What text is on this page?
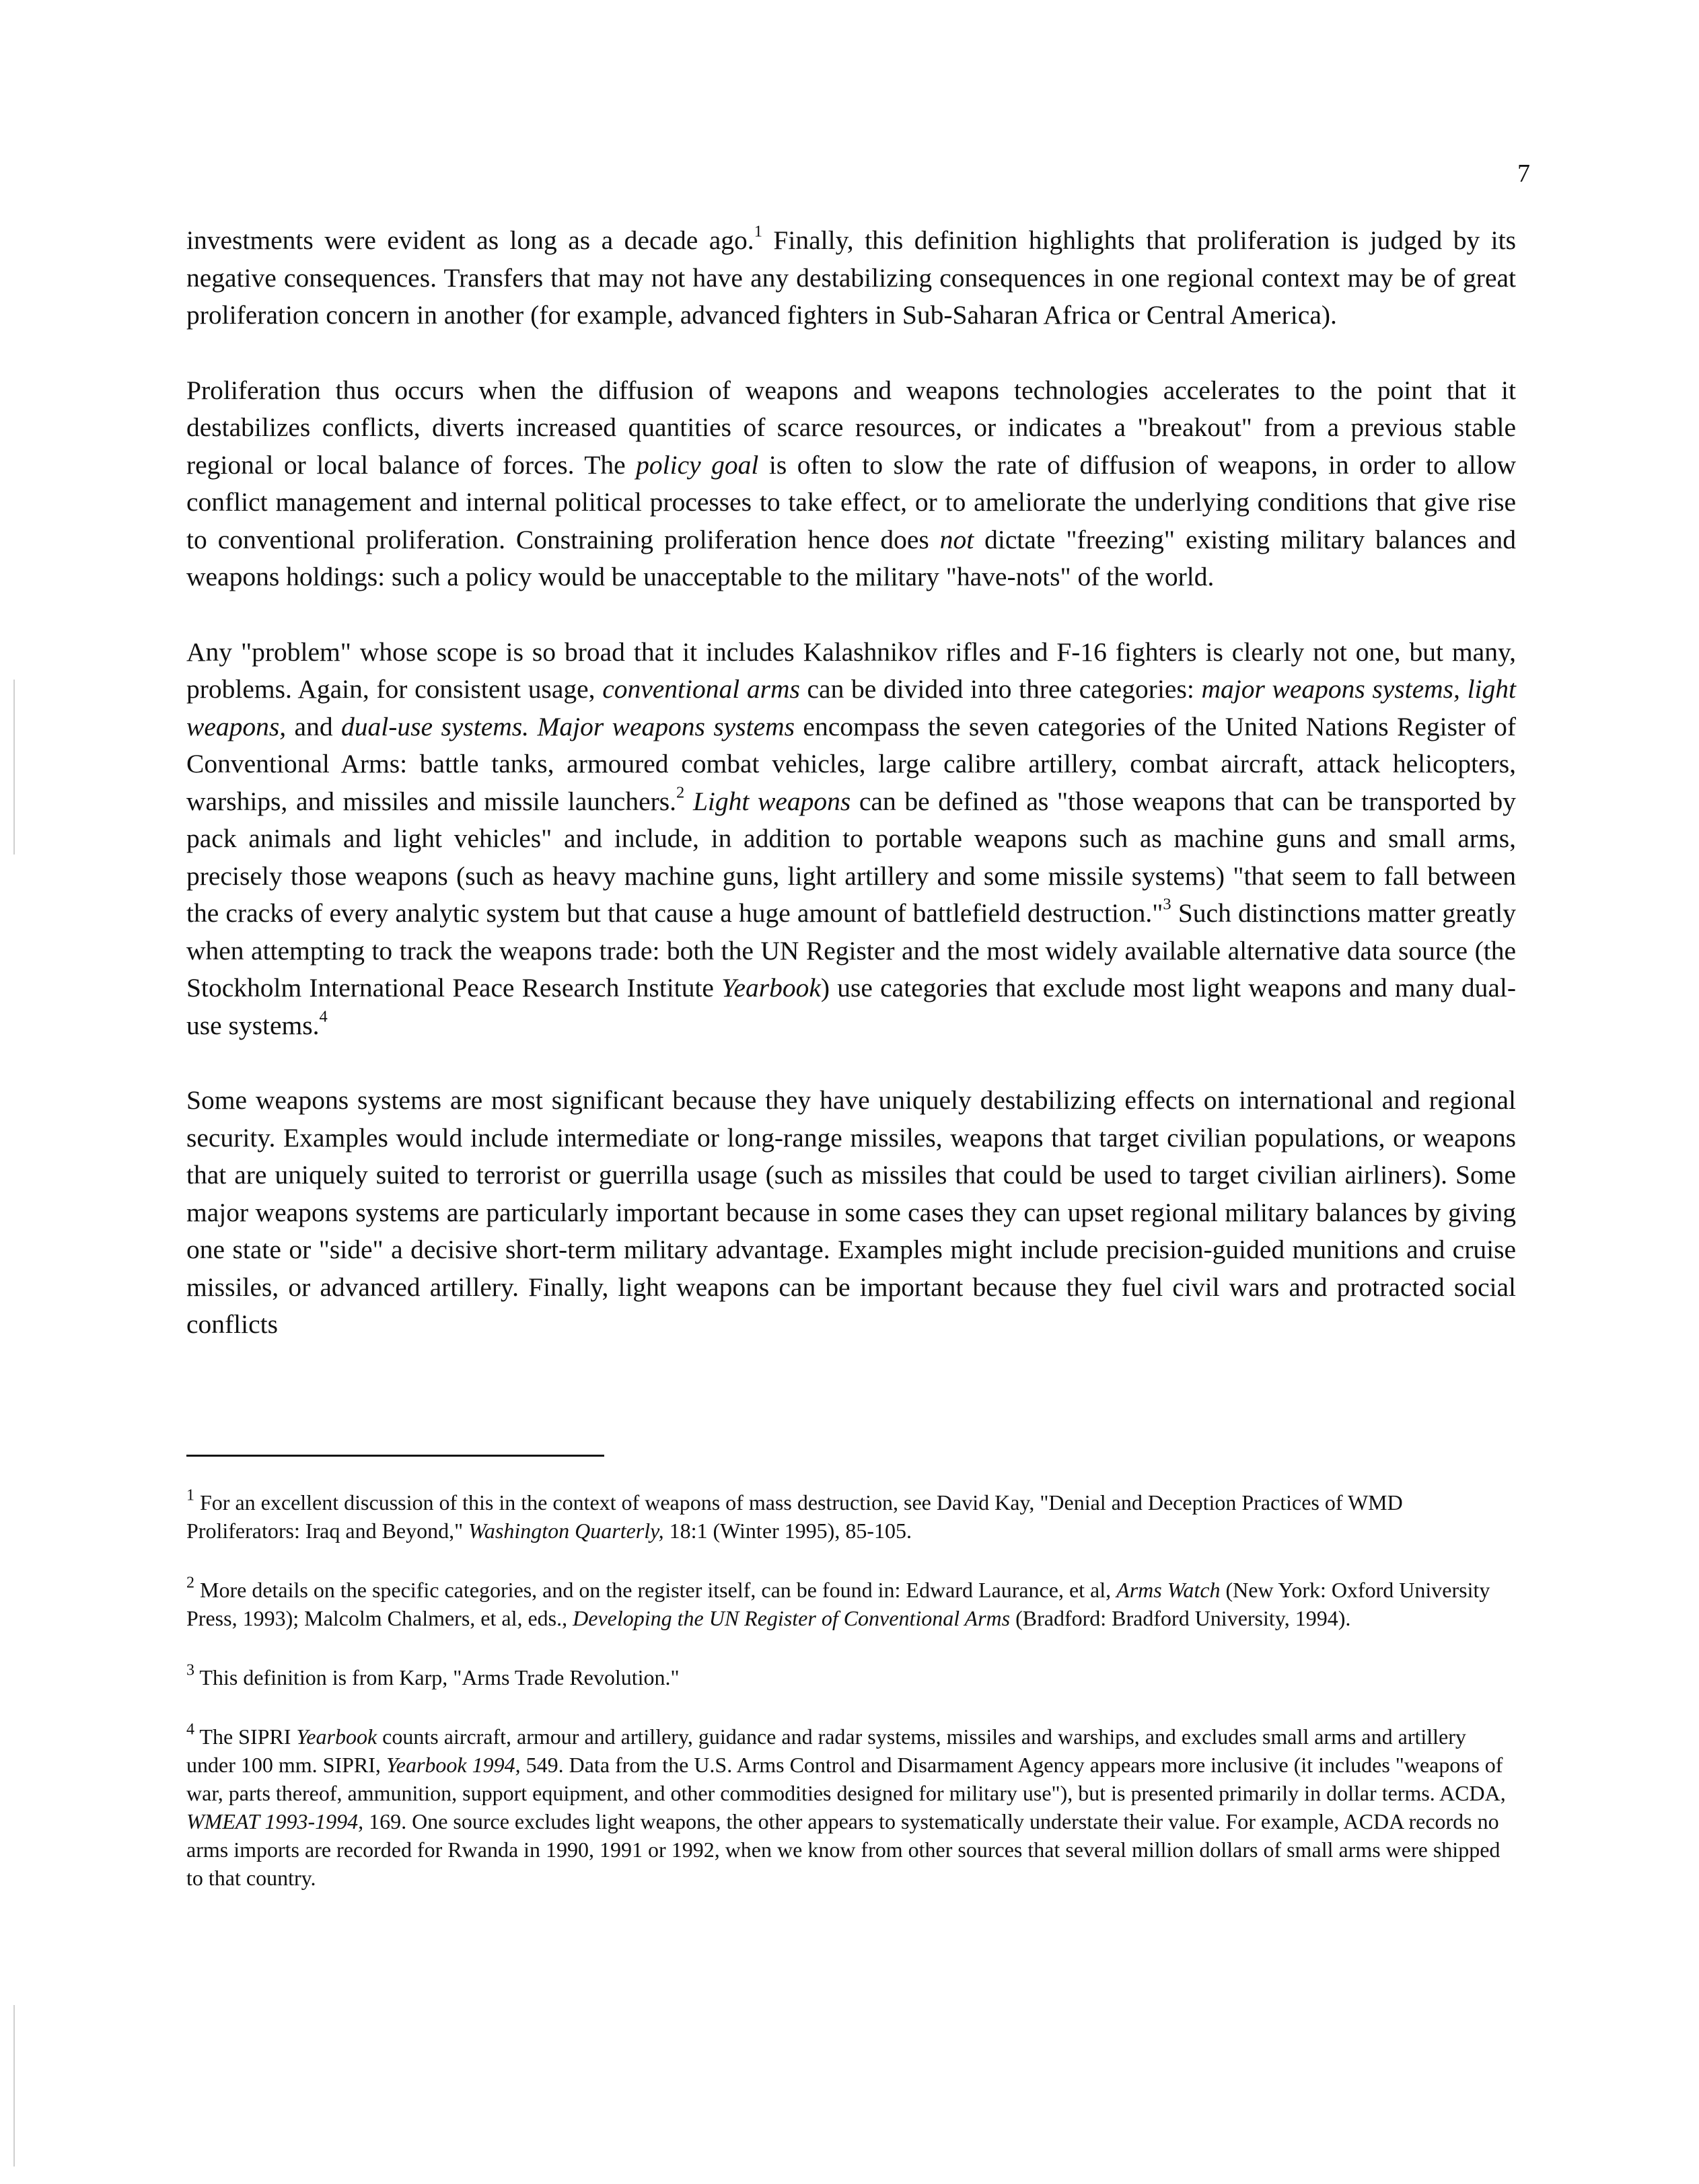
7

investments were evident as long as a decade ago.$^1$ Finally, this definition highlights that proliferation is judged by its negative consequences. Transfers that may not have any destabilizing consequences in one regional context may be of great proliferation concern in another (for example, advanced fighters in Sub-Saharan Africa or Central America).

Proliferation thus occurs when the diffusion of weapons and weapons technologies accelerates to the point that it destabilizes conflicts, diverts increased quantities of scarce resources, or indicates a "breakout" from a previous stable regional or local balance of forces. The policy goal is often to slow the rate of diffusion of weapons, in order to allow conflict management and internal political processes to take effect, or to ameliorate the underlying conditions that give rise to conventional proliferation. Constraining proliferation hence does not dictate "freezing" existing military balances and weapons holdings: such a policy would be unacceptable to the military "have-nots" of the world.

Any "problem" whose scope is so broad that it includes Kalashnikov rifles and F-16 fighters is clearly not one, but many, problems. Again, for consistent usage, conventional arms can be divided into three categories: major weapons systems, light weapons, and dual-use systems. Major weapons systems encompass the seven categories of the United Nations Register of Conventional Arms: battle tanks, armoured combat vehicles, large calibre artillery, combat aircraft, attack helicopters, warships, and missiles and missile launchers.$^2$ Light weapons can be defined as "those weapons that can be transported by pack animals and light vehicles" and include, in addition to portable weapons such as machine guns and small arms, precisely those weapons (such as heavy machine guns, light artillery and some missile systems) "that seem to fall between the cracks of every analytic system but that cause a huge amount of battlefield destruction."$^3$ Such distinctions matter greatly when attempting to track the weapons trade: both the UN Register and the most widely available alternative data source (the Stockholm International Peace Research Institute Yearbook) use categories that exclude most light weapons and many dual-use systems.$^4$

Some weapons systems are most significant because they have uniquely destabilizing effects on international and regional security. Examples would include intermediate or long-range missiles, weapons that target civilian populations, or weapons that are uniquely suited to terrorist or guerrilla usage (such as missiles that could be used to target civilian airliners). Some major weapons systems are particularly important because in some cases they can upset regional military balances by giving one state or "side" a decisive short-term military advantage. Examples might include precision-guided munitions and cruise missiles, or advanced artillery. Finally, light weapons can be important because they fuel civil wars and protracted social conflicts

$^1$ For an excellent discussion of this in the context of weapons of mass destruction, see David Kay, "Denial and Deception Practices of WMD Proliferators: Iraq and Beyond," Washington Quarterly, 18:1 (Winter 1995), 85-105.

$^2$ More details on the specific categories, and on the register itself, can be found in: Edward Laurance, et al, Arms Watch (New York: Oxford University Press, 1993); Malcolm Chalmers, et al, eds., Developing the UN Register of Conventional Arms (Bradford: Bradford University, 1994).

$^3$ This definition is from Karp, "Arms Trade Revolution."

$^4$ The SIPRI Yearbook counts aircraft, armour and artillery, guidance and radar systems, missiles and warships, and excludes small arms and artillery under 100 mm. SIPRI, Yearbook 1994, 549. Data from the U.S. Arms Control and Disarmament Agency appears more inclusive (it includes "weapons of war, parts thereof, ammunition, support equipment, and other commodities designed for military use"), but is presented primarily in dollar terms. ACDA, WMEAT 1993-1994, 169. One source excludes light weapons, the other appears to systematically understate their value. For example, ACDA records no arms imports are recorded for Rwanda in 1990, 1991 or 1992, when we know from other sources that several million dollars of small arms were shipped to that country.
